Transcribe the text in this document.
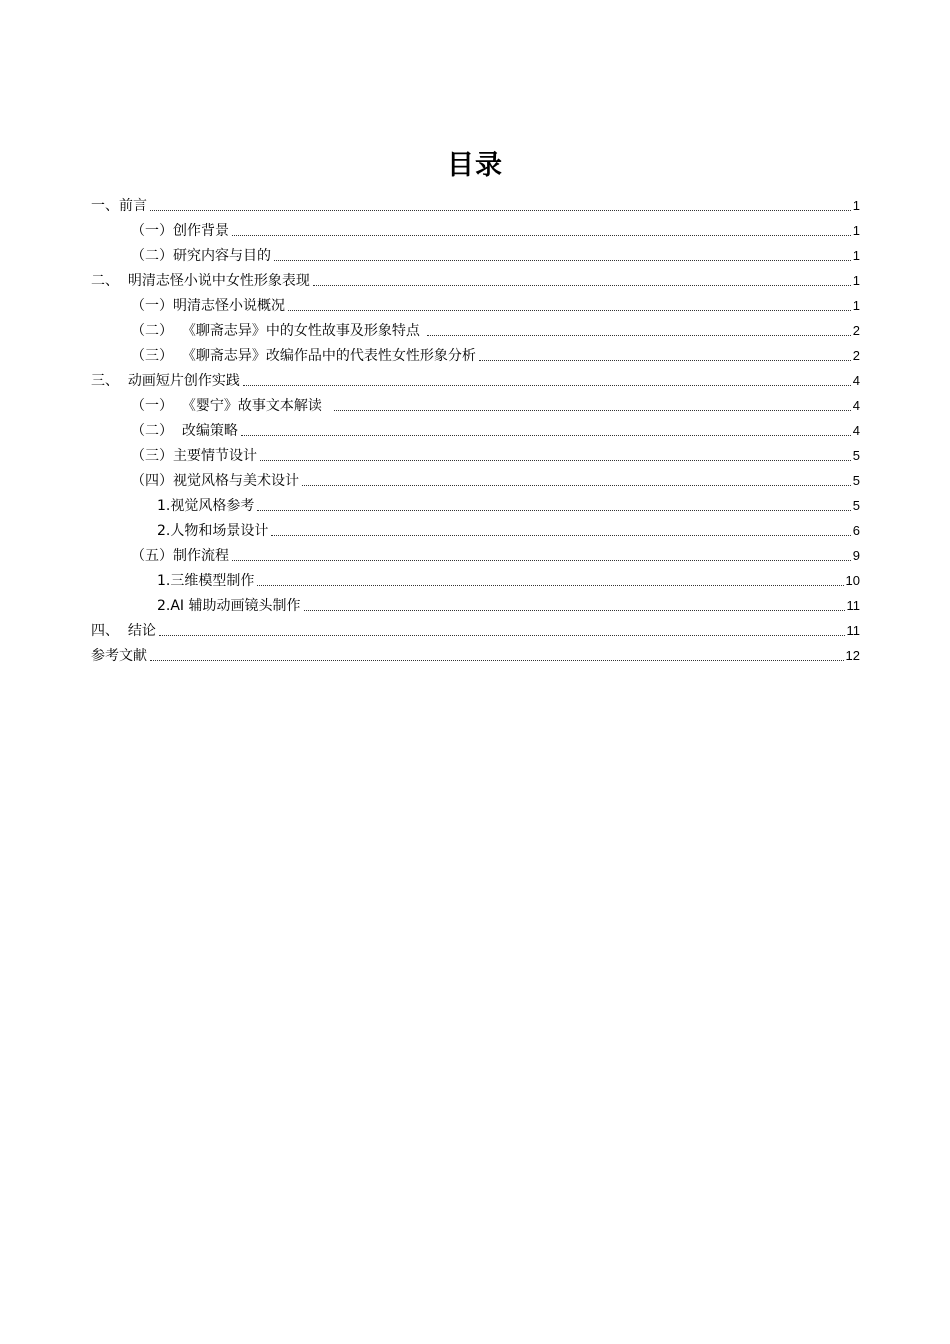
目录
一、前言	1
（一）创作背景	1
（二）研究内容与目的	1
二、  明清志怪小说中女性形象表现	1
（一）明清志怪小说概况	1
（二）  《聊斋志异》中的女性故事及形象特点	2
（三）  《聊斋志异》改编作品中的代表性女性形象分析	2
三、  动画短片创作实践	4
（一）  《婴宁》故事文本解读	4
（二）  改编策略	4
（三）主要情节设计	5
（四）视觉风格与美术设计	5
1.视觉风格参考	5
2.人物和场景设计	6
（五）制作流程	9
1.三维模型制作	10
2.AI 辅助动画镜头制作	11
四、  结论	11
参考文献	12
